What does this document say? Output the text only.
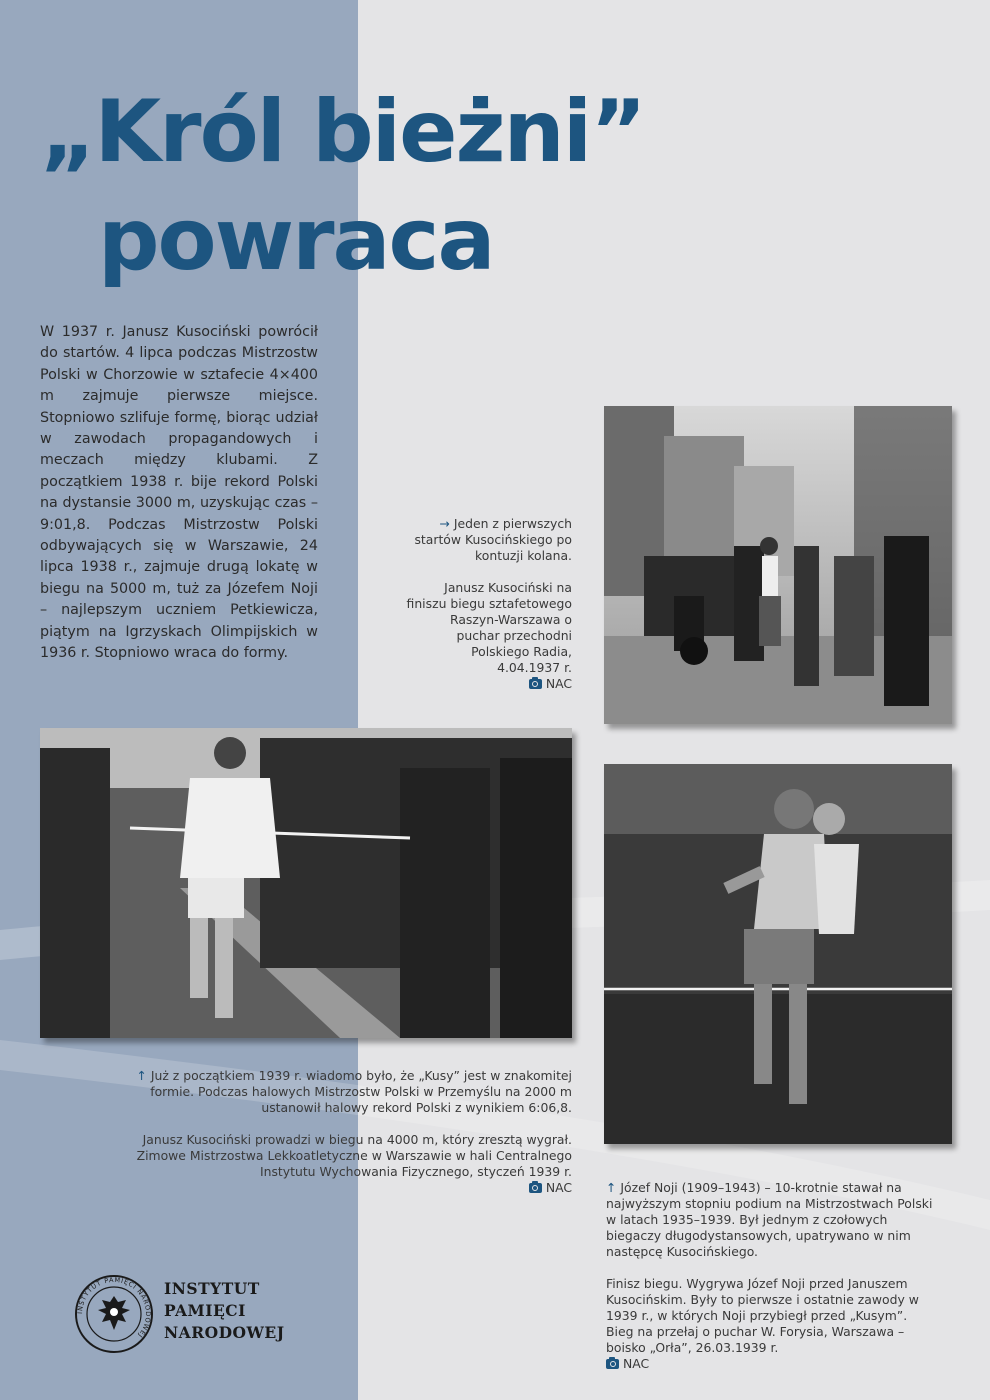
„Król bieżni”
powraca
W 1937 r. Janusz Kusociński powrócił do startów. 4 lipca podczas Mistrzostw Polski w Chorzowie w sztafecie 4×400 m zajmuje pierwsze miejsce. Stopniowo szlifuje formę, biorąc udział w zawodach propagandowych i meczach między klubami. Z początkiem 1938 r. bije rekord Polski na dystansie 3000 m, uzyskując czas – 9:01,8. Podczas Mistrzostw Polski odbywających się w Warszawie, 24 lipca 1938 r., zajmuje drugą lokatę w biegu na 5000 m, tuż za Józefem Noji – najlepszym uczniem Petkiewicza, piątym na Igrzyskach Olimpijskich w 1936 r. Stopniowo wraca do formy.

→ Jeden z pierwszych startów Kusocińskiego po kontuzji kolana.

Janusz Kusociński na finiszu biegu sztafetowego Raszyn-Warszawa o puchar przechodni Polskiego Radia, 4.04.1937 r.

NAC

↑ Już z początkiem 1939 r. wiadomo było, że „Kusy” jest w znakomitej formie. Podczas halowych Mistrzostw Polski w Przemyślu na 2000 m ustanowił halowy rekord Polski z wynikiem 6:06,8.

Janusz Kusociński prowadzi w biegu na 4000 m, który zresztą wygrał. Zimowe Mistrzostwa Lekkoatletyczne w Warszawie w hali Centralnego Instytutu Wychowania Fizycznego, styczeń 1939 r.

NAC	↑ Józef Noji (1909–1943) – 10-krotnie stawał na najwyższym stopniu podium na Mistrzostwach Polski w latach 1935–1939. Był jednym z czołowych biegaczy długodystansowych, upatrywano w nim następcę Kusocińskiego.

Finisz biegu. Wygrywa Józef Noji przed Januszem Kusocińskim. Były to pierwsze i ostatnie zawody w 1939 r., w których Noji przybiegł przed „Kusym”. Bieg na przełaj o puchar W. Forysia, Warszawa – boisko „Orła”, 26.03.1939 r.

NAC

INSTYTUT PAMIĘCI NARODOWEJ
INSTYTUT
PAMIĘCI
NARODOWEJ
